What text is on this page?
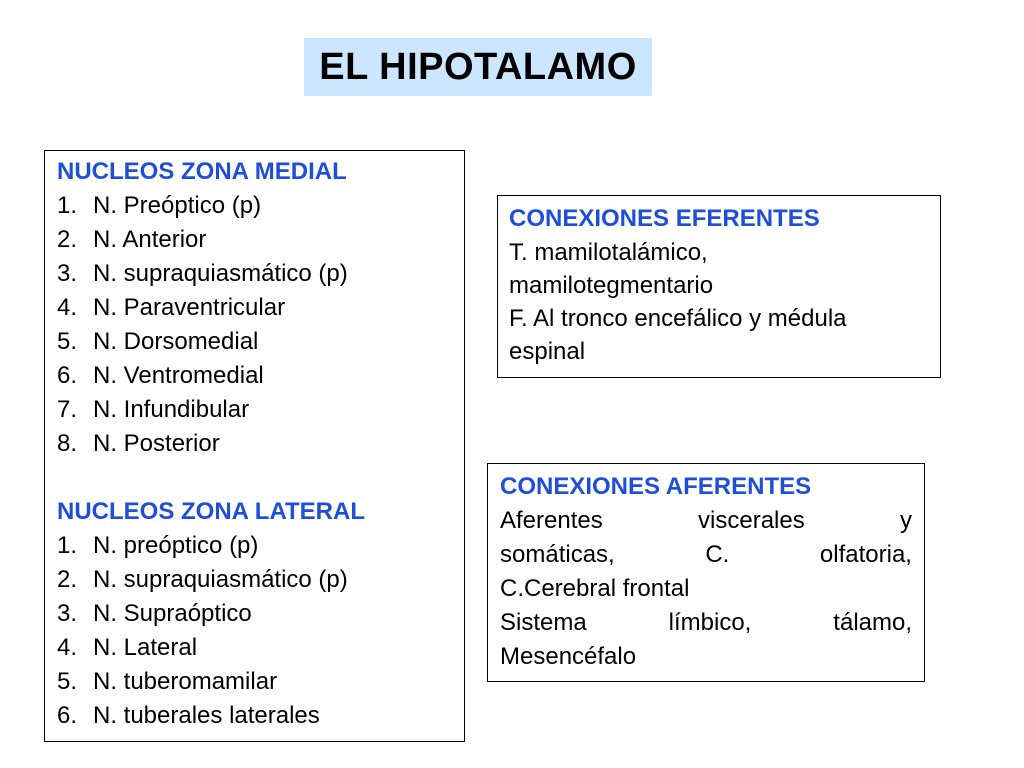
EL HIPOTALAMO
NUCLEOS ZONA MEDIAL
1. N. Preóptico (p)
2. N. Anterior
3. N. supraquiasmático (p)
4. N. Paraventricular
5. N. Dorsomedial
6. N. Ventromedial
7. N. Infundibular
8. N. Posterior
NUCLEOS ZONA LATERAL
1. N. preóptico (p)
2. N. supraquiasmático (p)
3. N. Supraóptico
4. N. Lateral
5. N. tuberomamilar
6. N. tuberales laterales
CONEXIONES EFERENTES
T. mamilotalámico,
mamilotegmentario
F. Al tronco encefálico y médula
espinal
CONEXIONES AFERENTES
Aferentes	viscerales	y
somáticas,	C.	olfatoria,
C.Cerebral frontal
Sistema	límbico,	tálamo,
Mesencéfalo
